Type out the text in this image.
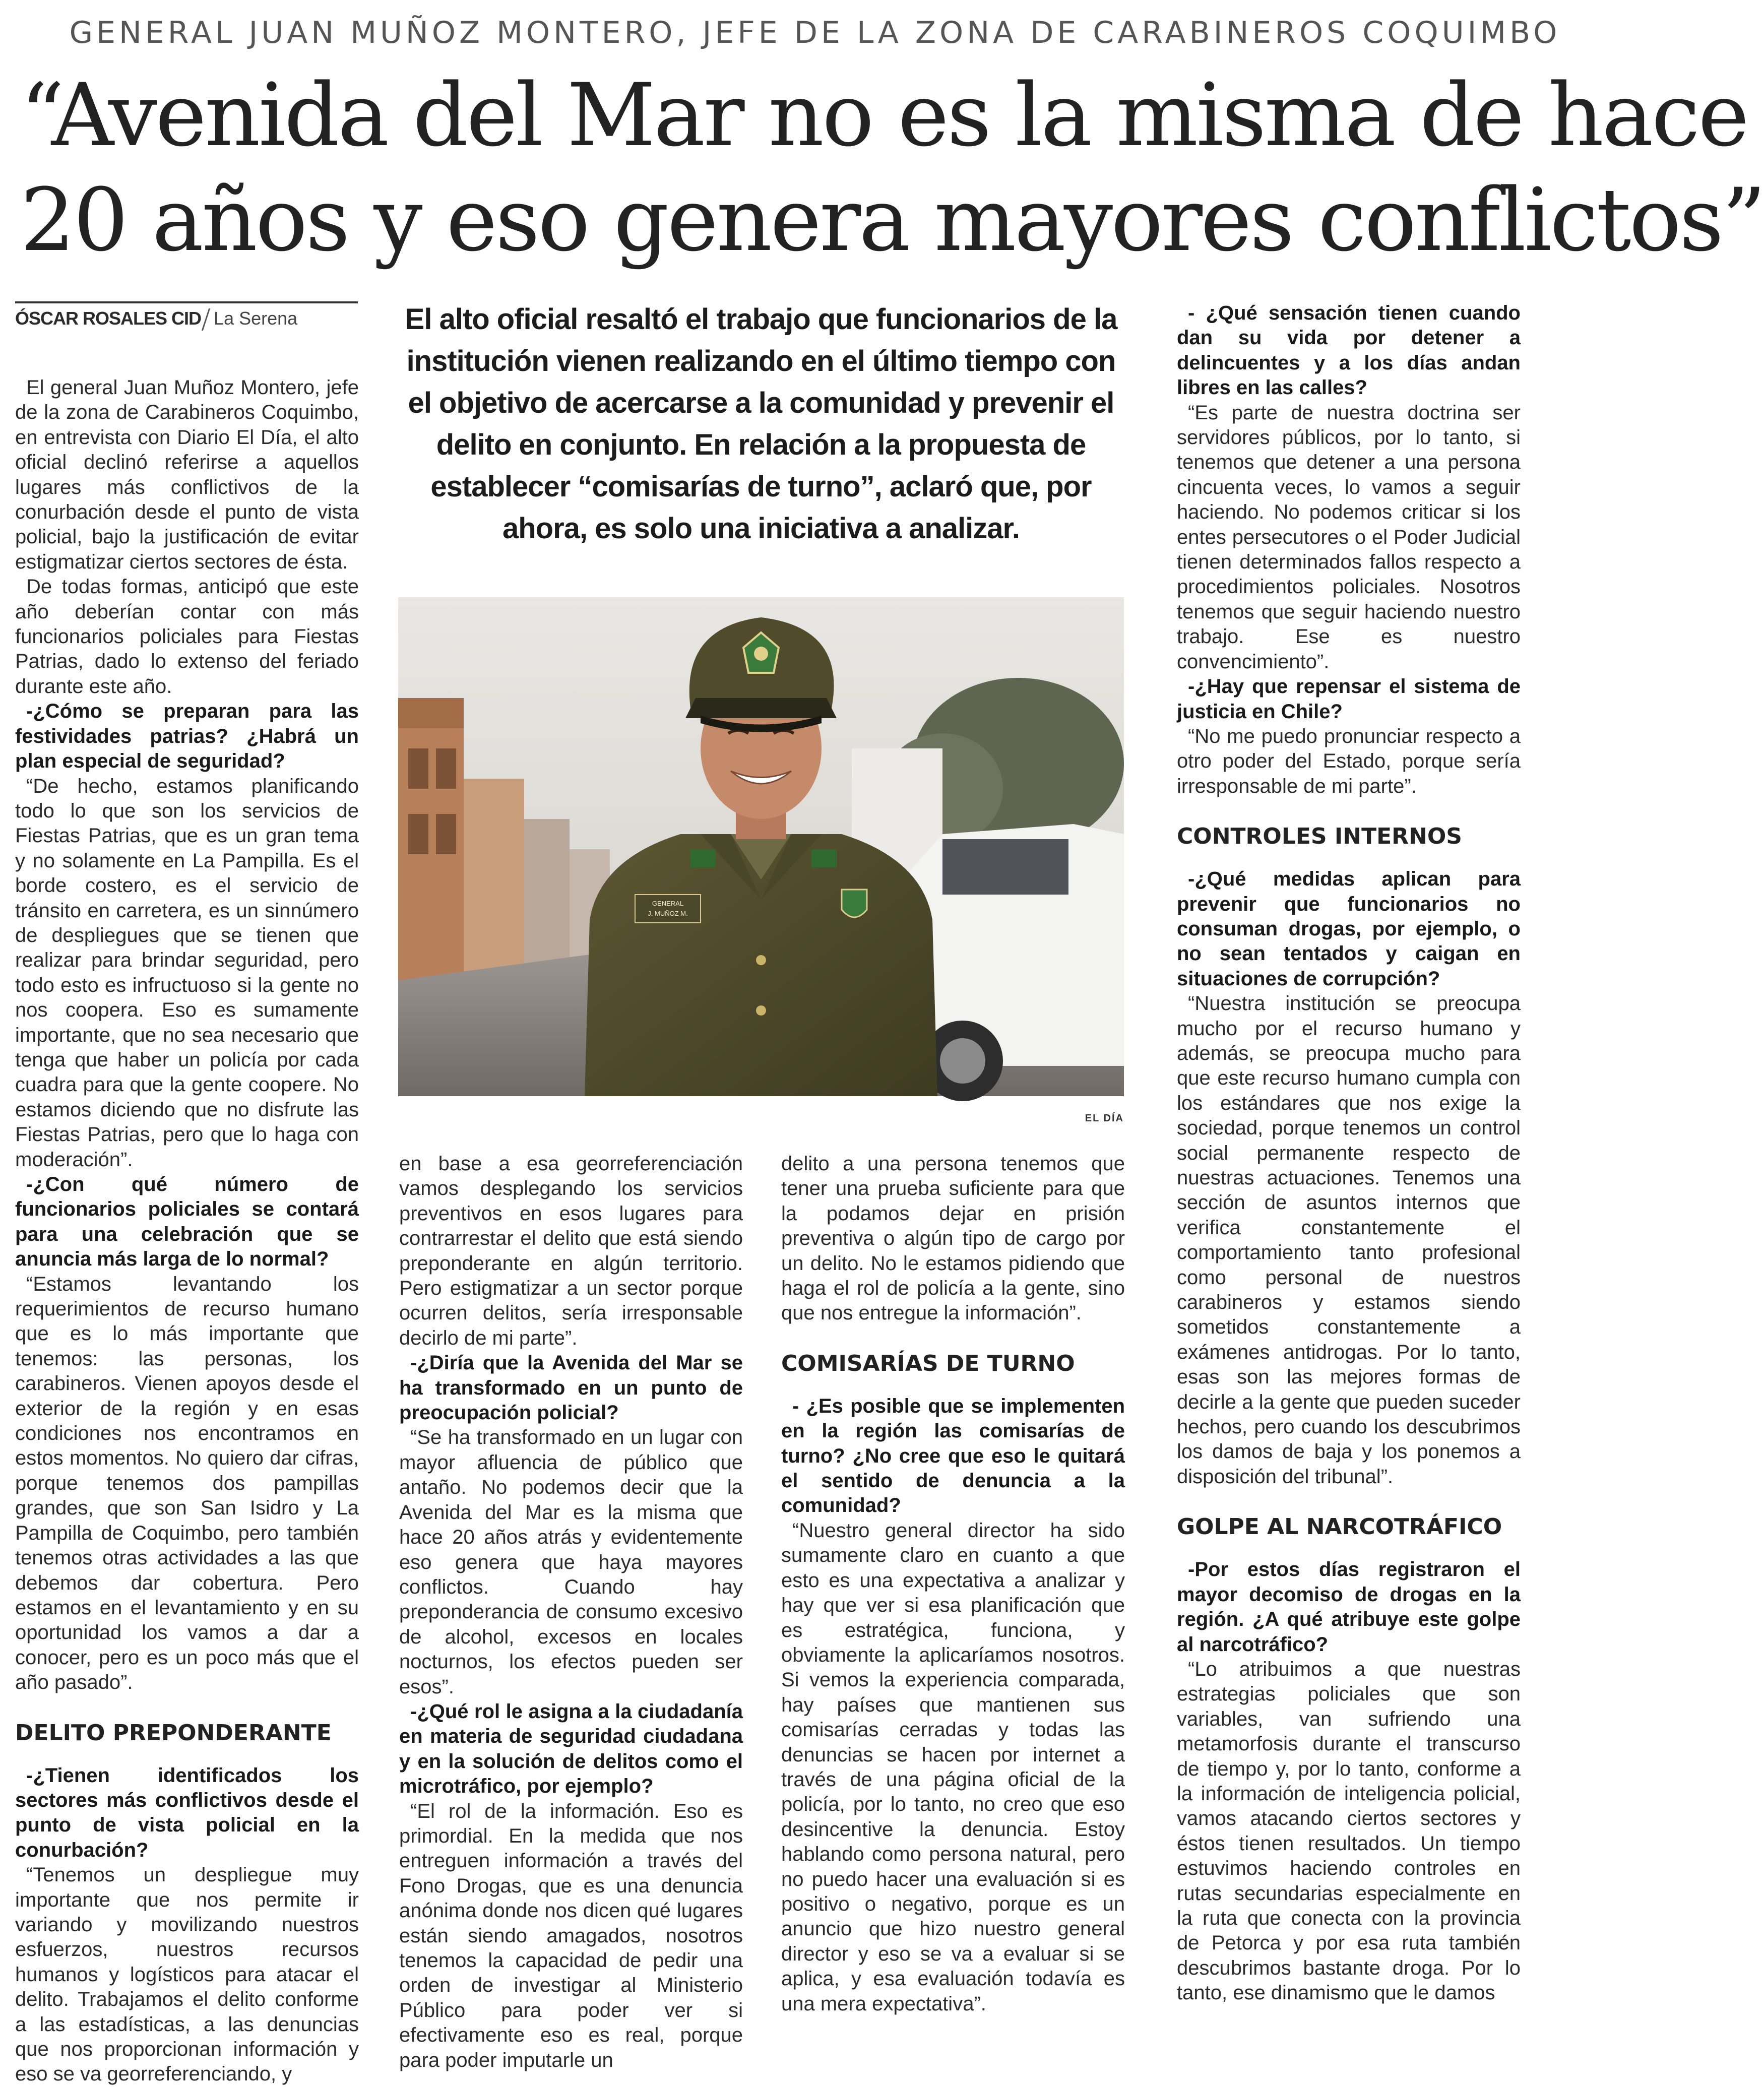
GENERAL JUAN MUÑOZ MONTERO, JEFE DE LA ZONA DE CARABINEROS COQUIMBO
“Avenida del Mar no es la misma de hace
20 años y eso genera mayores conflictos”
ÓSCAR ROSALES CID La Serena	El alto oficial resaltó el trabajo que funcionarios de la institución vienen realizando en el último tiempo con el objetivo de acercarse a la comunidad y prevenir el delito en conjunto. En relación a la propuesta de establecer “comisarías de turno”, aclaró que, por ahora, es solo una iniciativa a analizar.
GENERAL
J. MUÑOZ M.
EL DÍA

El general Juan Muñoz Montero, jefe de la zona de Carabineros Coquimbo, en entrevista con Diario El Día, el alto oficial declinó referirse a aquellos lugares más conflictivos de la conurbación desde el punto de vista policial, bajo la justificación de evitar estigmatizar ciertos sectores de ésta.

De todas formas, anticipó que este año deberían contar con más funcionarios policiales para Fiestas Patrias, dado lo extenso del feriado durante este año.

-¿Cómo se preparan para las festividades patrias? ¿Habrá un plan especial de seguridad?

“De hecho, estamos planificando todo lo que son los servicios de Fiestas Patrias, que es un gran tema y no solamente en La Pampilla. Es el borde costero, es el servicio de tránsito en carretera, es un sinnúmero de despliegues que se tienen que realizar para brindar seguridad, pero todo esto es infructuoso si la gente no nos coopera. Eso es sumamente importante, que no sea necesario que tenga que haber un policía por cada cuadra para que la gente coopere. No estamos diciendo que no disfrute las Fiestas Patrias, pero que lo haga con moderación”.

-¿Con qué número de funcionarios policiales se contará para una celebración que se anuncia más larga de lo normal?

“Estamos levantando los requerimientos de recurso humano que es lo más importante que tenemos: las personas, los carabineros. Vienen apoyos desde el exterior de la región y en esas condiciones nos encontramos en estos momentos. No quiero dar cifras, porque tenemos dos pampillas grandes, que son San Isidro y La Pampilla de Coquimbo, pero también tenemos otras actividades a las que debemos dar cobertura. Pero estamos en el levantamiento y en su oportunidad los vamos a dar a conocer, pero es un poco más que el año pasado”.

DELITO PREPONDERANTE

-¿Tienen identificados los sectores más conflictivos desde el punto de vista policial en la conurbación?

“Tenemos un despliegue muy importante que nos permite ir variando y movilizando nuestros esfuerzos, nuestros recursos humanos y logísticos para atacar el delito. Trabajamos el delito conforme a las estadísticas, a las denuncias que nos proporcionan información y eso se va georreferenciando, y

en base a esa georreferenciación vamos desplegando los servicios preventivos en esos lugares para contrarrestar el delito que está siendo preponderante en algún territorio. Pero estigmatizar a un sector porque ocurren delitos, sería irresponsable decirlo de mi parte”.

-¿Diría que la Avenida del Mar se ha transformado en un punto de preocupación policial?

“Se ha transformado en un lugar con mayor afluencia de público que antaño. No podemos decir que la Avenida del Mar es la misma que hace 20 años atrás y evidentemente eso genera que haya mayores conflictos. Cuando hay preponderancia de consumo excesivo de alcohol, excesos en locales nocturnos, los efectos pueden ser esos”.

-¿Qué rol le asigna a la ciudadanía en materia de seguridad ciudadana y en la solución de delitos como el microtráfico, por ejemplo?

“El rol de la información. Eso es primordial. En la medida que nos entreguen información a través del Fono Drogas, que es una denuncia anónima donde nos dicen qué lugares están siendo amagados, nosotros tenemos la capacidad de pedir una orden de investigar al Ministerio Público para poder ver si efectivamente eso es real, porque para poder imputarle un

delito a una persona tenemos que tener una prueba suficiente para que la podamos dejar en prisión preventiva o algún tipo de cargo por un delito. No le estamos pidiendo que haga el rol de policía a la gente, sino que nos entregue la información”.

COMISARÍAS DE TURNO

- ¿Es posible que se implementen en la región las comisarías de turno? ¿No cree que eso le quitará el sentido de denuncia a la comunidad?

“Nuestro general director ha sido sumamente claro en cuanto a que esto es una expectativa a analizar y hay que ver si esa planificación que es estratégica, funciona, y obviamente la aplicaríamos nosotros. Si vemos la experiencia comparada, hay países que mantienen sus comisarías cerradas y todas las denuncias se hacen por internet a través de una página oficial de la policía, por lo tanto, no creo que eso desincentive la denuncia. Estoy hablando como persona natural, pero no puedo hacer una evaluación si es positivo o negativo, porque es un anuncio que hizo nuestro general director y eso se va a evaluar si se aplica, y esa evaluación todavía es una mera expectativa”.

- ¿Qué sensación tienen cuando dan su vida por detener a delincuentes y a los días andan libres en las calles?

“Es parte de nuestra doctrina ser servidores públicos, por lo tanto, si tenemos que detener a una persona cincuenta veces, lo vamos a seguir haciendo. No podemos criticar si los entes persecutores o el Poder Judicial tienen determinados fallos respecto a procedimientos policiales. Nosotros tenemos que seguir haciendo nuestro trabajo. Ese es nuestro convencimiento”.

-¿Hay que repensar el sistema de justicia en Chile?

“No me puedo pronunciar respecto a otro poder del Estado, porque sería irresponsable de mi parte”.

CONTROLES INTERNOS

-¿Qué medidas aplican para prevenir que funcionarios no consuman drogas, por ejemplo, o no sean tentados y caigan en situaciones de corrupción?

“Nuestra institución se preocupa mucho por el recurso humano y además, se preocupa mucho para que este recurso humano cumpla con los estándares que nos exige la sociedad, porque tenemos un control social permanente respecto de nuestras actuaciones. Tenemos una sección de asuntos internos que verifica constantemente el comportamiento tanto profesional como personal de nuestros carabineros y estamos siendo sometidos constantemente a exámenes antidrogas. Por lo tanto, esas son las mejores formas de decirle a la gente que pueden suceder hechos, pero cuando los descubrimos los damos de baja y los ponemos a disposición del tribunal”.

GOLPE AL NARCOTRÁFICO

-Por estos días registraron el mayor decomiso de drogas en la región. ¿A qué atribuye este golpe al narcotráfico?

“Lo atribuimos a que nuestras estrategias policiales que son variables, van sufriendo una metamorfosis durante el transcurso de tiempo y, por lo tanto, conforme a la información de inteligencia policial, vamos atacando ciertos sectores y éstos tienen resultados. Un tiempo estuvimos haciendo controles en rutas secundarias especialmente en la ruta que conecta con la provincia de Petorca y por esa ruta también descubrimos bastante droga. Por lo tanto, ese dinamismo que le damos
